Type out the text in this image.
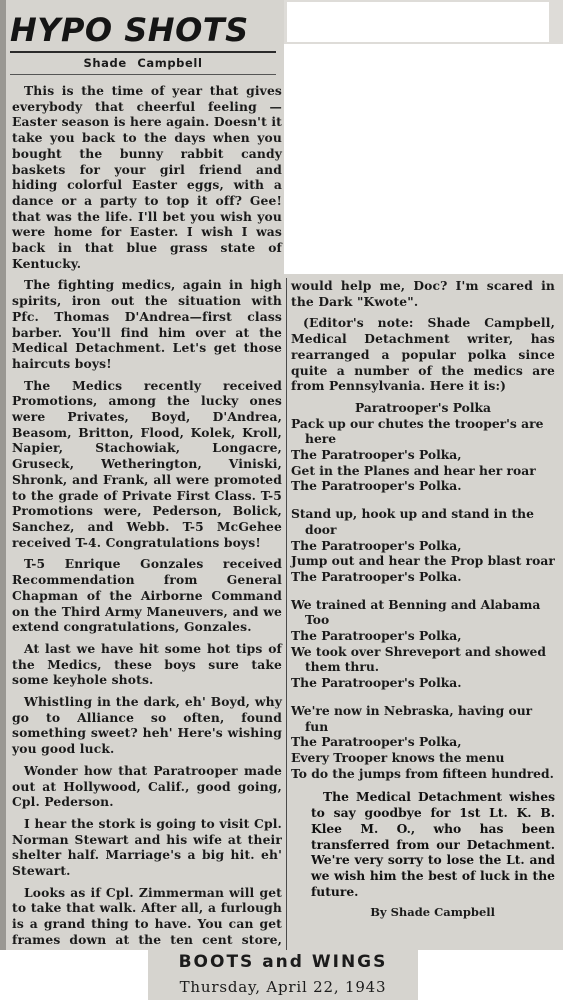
HYPO SHOTS
Shade Campbell

This is the time of year that gives everybody that cheerful feeling — Easter season is here again. Doesn't it take you back to the days when you bought the bunny rabbit candy baskets for your girl friend and hiding colorful Easter eggs, with a dance or a party to top it off? Gee! that was the life. I'll bet you wish you were home for Easter. I wish I was back in that blue grass state of Kentucky.

The fighting medics, again in high spirits, iron out the situation with Pfc. Thomas D'Andrea—first class barber. You'll find him over at the Medical Detachment. Let's get those haircuts boys!

The Medics recently received Promotions, among the lucky ones were Privates, Boyd, D'Andrea, Beasom, Britton, Flood, Kolek, Kroll, Napier, Stachowiak, Longacre, Gruseck, Wetherington, Viniski, Shronk, and Frank, all were promoted to the grade of Private First Class. T-5 Promotions were, Pederson, Bolick, Sanchez, and Webb. T-5 McGehee received T-4. Congratulations boys!

T-5 Enrique Gonzales received Recommendation from General Chapman of the Airborne Command on the Third Army Maneuvers, and we extend congratulations, Gonzales.

At last we have hit some hot tips of the Medics, these boys sure take some keyhole shots.

Whistling in the dark, eh' Boyd, why go to Alliance so often, found something sweet? heh' Here's wishing you good luck.

Wonder how that Paratrooper made out at Hollywood, Calif., good going, Cpl. Pederson.

I hear the stork is going to visit Cpl. Norman Stewart and his wife at their shelter half. Marriage's a big hit. eh' Stewart.

Looks as if Cpl. Zimmerman will get to take that walk. After all, a furlough is a grand thing to have. You can get frames down at the ten cent store,

would help me, Doc? I'm scared in the Dark "Kwote".

(Editor's note: Shade Campbell, Medical Detachment writer, has rearranged a popular polka since quite a number of the medics are from Pennsylvania. Here it is:)

Paratrooper's Polka

Pack up our chutes the trooper's are here

The Paratrooper's Polka,

Get in the Planes and hear her roar

The Paratrooper's Polka.

Stand up, hook up and stand in the door

The Paratrooper's Polka,

Jump out and hear the Prop blast roar

The Paratrooper's Polka.

We trained at Benning and Alabama Too

The Paratrooper's Polka,

We took over Shreveport and showed them thru.

The Paratrooper's Polka.

We're now in Nebraska, having our fun

The Paratrooper's Polka,

Every Trooper knows the menu

To do the jumps from fifteen hundred.

The Medical Detachment wishes to say goodbye for 1st Lt. K. B. Klee M. O., who has been transferred from our Detachment. We're very sorry to lose the Lt. and we wish him the best of luck in the future.

By Shade Campbell

BOOTS and WINGS
Thursday, April 22, 1943
